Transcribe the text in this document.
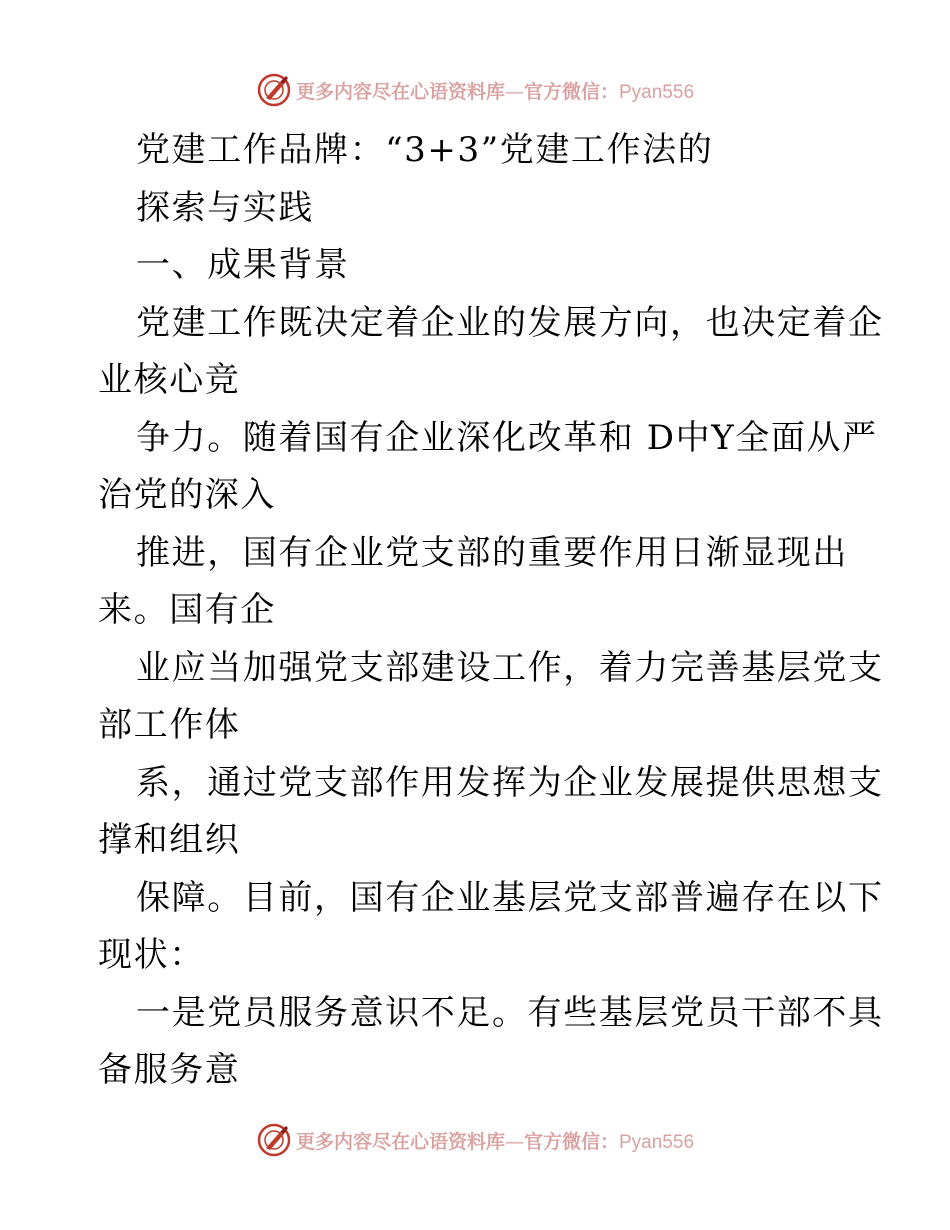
更多内容尽在心语资料库—官方微信：Pyan556
党建工作品牌：“3+3”党建工作法的
探索与实践
一、成果背景
党建工作既决定着企业的发展方向，也决定着企
业核心竞
争力。随着国有企业深化改革和 D中Y全面从严
治党的深入
推进，国有企业党支部的重要作用日渐显现出
来。国有企
业应当加强党支部建设工作，着力完善基层党支
部工作体
系，通过党支部作用发挥为企业发展提供思想支
撑和组织
保障。目前，国有企业基层党支部普遍存在以下
现状：
一是党员服务意识不足。有些基层党员干部不具
备服务意
更多内容尽在心语资料库—官方微信：Pyan556
